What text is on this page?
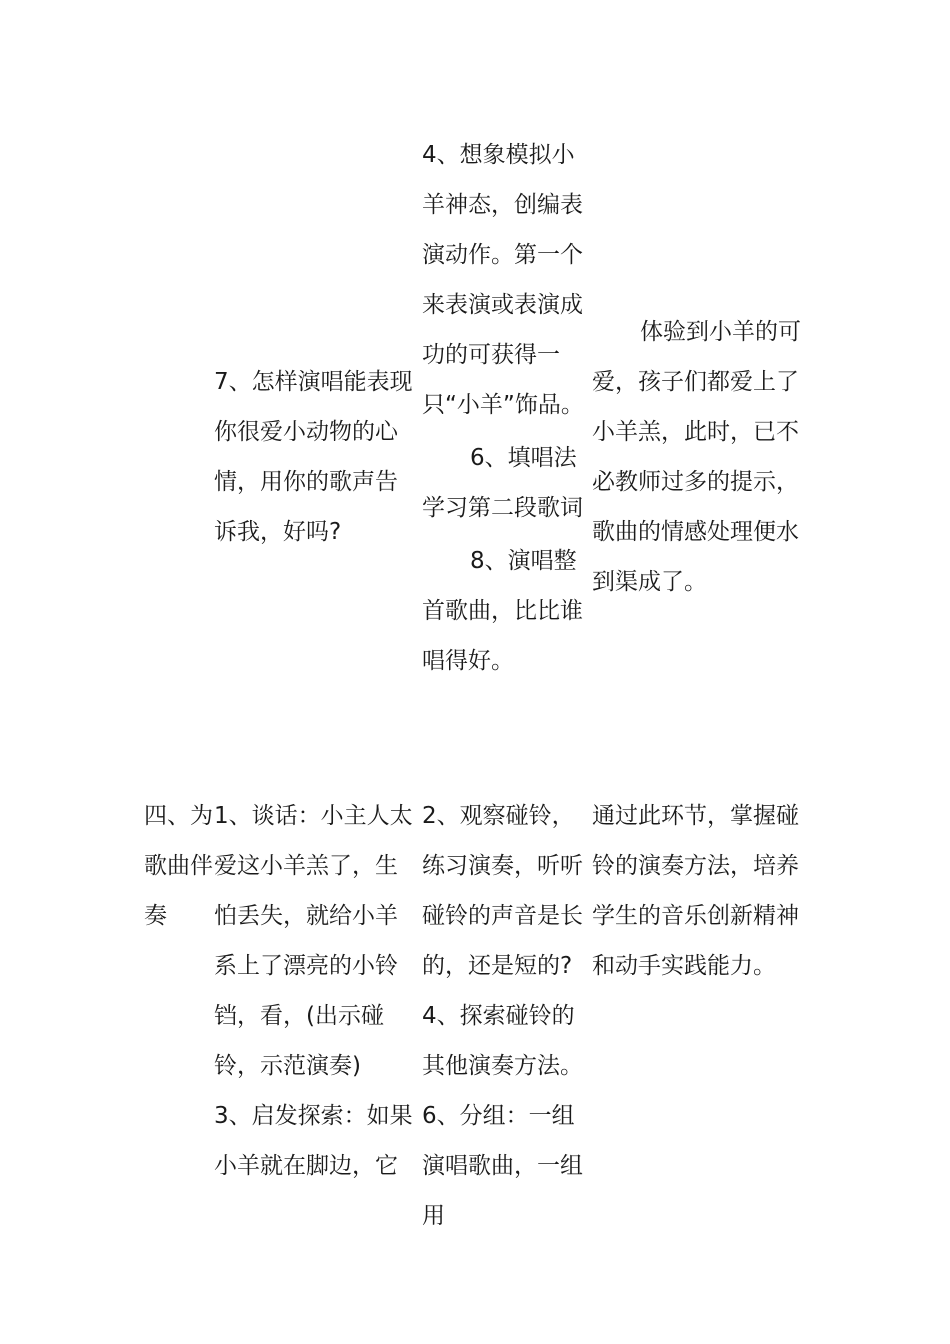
7、怎样演唱能表现你很爱小动物的心情，用你的歌声告诉我，好吗?

4、想象模拟小羊神态，创编表演动作。第一个来表演或表演成功的可获得一只“小羊”饰品。

6、填唱法学习第二段歌词

8、演唱整首歌曲，比比谁唱得好。

体验到小羊的可爱，孩子们都爱上了小羊羔，此时，已不必教师过多的提示，歌曲的情感处理便水到渠成了。

四、为歌曲伴奏

1、谈话：小主人太爱这小羊羔了，生怕丢失，就给小羊系上了漂亮的小铃铛，看，(出示碰铃，示范演奏)

3、启发探索：如果小羊就在脚边，它

2、观察碰铃，练习演奏，听听碰铃的声音是长的，还是短的?

4、探索碰铃的其他演奏方法。

6、分组：一组演唱歌曲，一组用

通过此环节，掌握碰铃的演奏方法，培养学生的音乐创新精神和动手实践能力。
